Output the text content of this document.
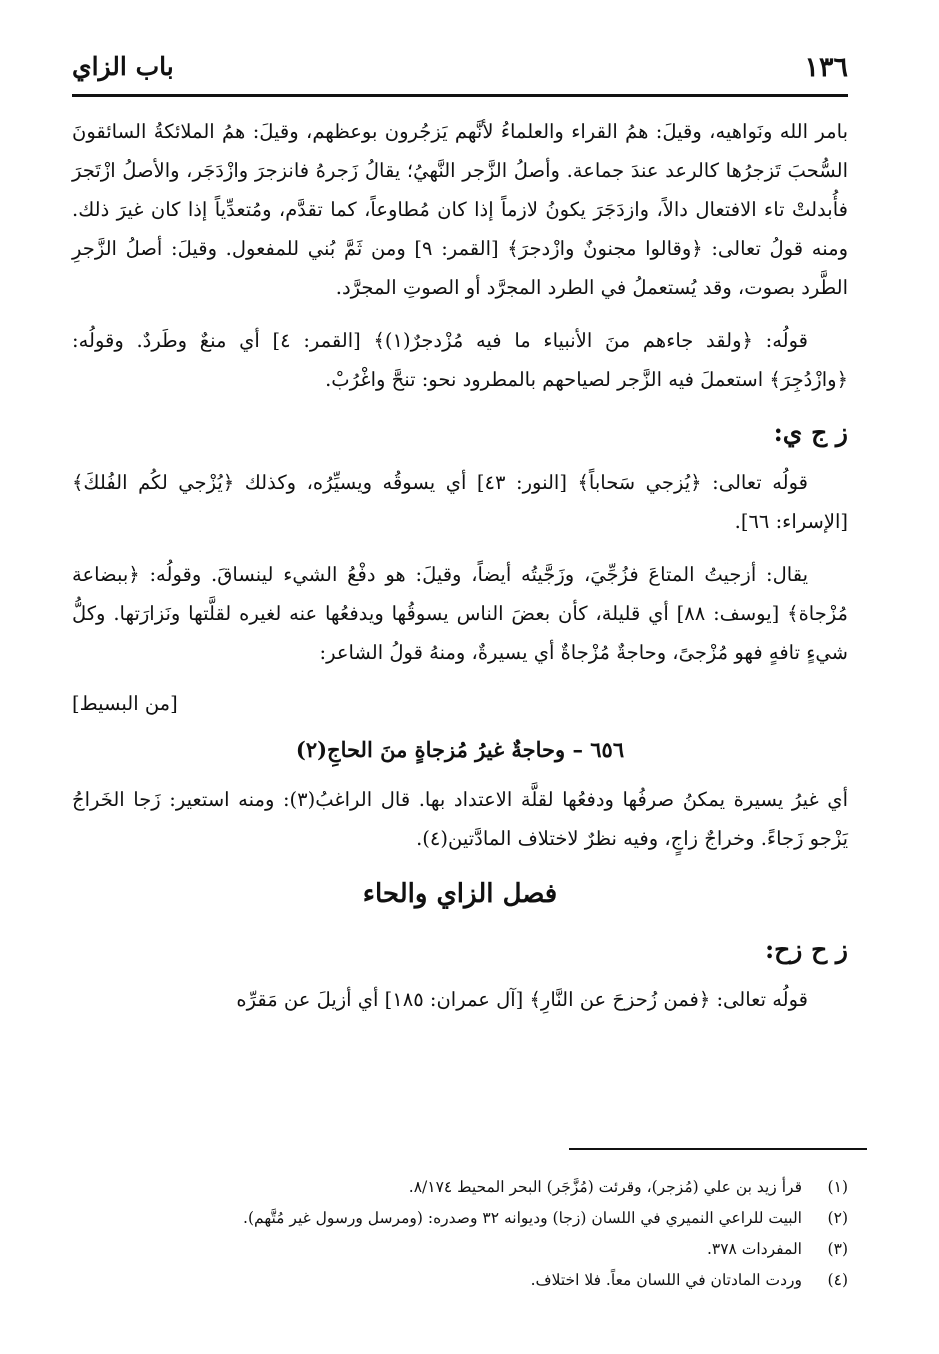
١٣٦
باب الزاي

بامر الله ونَواهيه، وقيلَ: همُ القراء والعلماءُ لأنَّهم يَزجُرون بوعظهم، وقيلَ: همُ الملائكةُ السائقونَ السُّحبَ تَزجرُها كالرعد عندَ جماعة. وأصلُ الزَّجر النَّهيُ؛ يقالُ زَجرهُ فانزجرَ وازْدَجَر، والأصلُ ازْتَجرَ فأُبدلتْ تاء الافتعال دالاً، وازدَجَرَ يكونُ لازماً إذا كان مُطاوعاً، كما تقدَّم، ومُتعدِّياً إذا كان غيرَ ذلك. ومنه قولُ تعالى: ﴿وقالوا مجنونٌ وازْدجرَ﴾ [القمر: ٩] ومن ثَمَّ بُني للمفعول. وقيلَ: أصلُ الزَّجرِ الطَّرد بصوت، وقد يُستعملُ في الطرد المجرَّد أو الصوتِ المجرَّد.

قولُه: ﴿ولقد جاءهم منَ الأنبياء ما فيه مُزْدجرٌ(١)﴾ [القمر: ٤] أي منعٌ وطَردٌ. وقولُه: ﴿وازْدُجِرَ﴾ استعملَ فيه الزَّجر لصياحهم بالمطرود نحو: تنحَّ واغْرُبْ.

ز ج ي:

قولُه تعالى: ﴿يُزجي سَحاباً﴾ [النور: ٤٣] أي يسوقُه ويسيِّرُه، وكذلك ﴿يُزْجي لكُم الفُلكَ﴾ [الإسراء: ٦٦].

يقال: أزجيتُ المتاعَ فزُجِّيَ، وزَجَّيتُه أيضاً، وقيلَ: هو دفْعُ الشيء لينساقَ. وقولُه: ﴿ببضاعة مُزْجاة﴾ [يوسف: ٨٨] أي قليلة، كأن بعضَ الناس يسوقُها ويدفعُها عنه لغيره لقلَّتها ونَزارَتها. وكلُّ شيءٍ تافهٍ فهو مُزْجىً، وحاجةٌ مُزْجاةٌ أي يسيرةٌ، ومنهُ قولُ الشاعر:

[من البسيط]
٦٥٦ – وحاجةٌ غيرُ مُزجاةٍ منَ الحاجِ(٢)

أي غيرُ يسيرة يمكنُ صرفُها ودفعُها لقلَّة الاعتداد بها. قال الراغبُ(٣): ومنه استعير: زَجا الخَراجُ يَزْجو زَجاءً. وخراجٌ زاجٍ، وفيه نظرٌ لاختلاف المادَّتين(٤).

فصل الزاي والحاء
ز ح زح:

قولُه تعالى: ﴿فمن زُحزحَ عن النَّارِ﴾ [آل عمران: ١٨٥] أي أزيلَ عن مَقرِّه

(١)قرأ زيد بن علي (مُزجر)، وقرئت (مُزَّجَر) البحر المحيط ٨/١٧٤.
(٢)البيت للراعي النميري في اللسان (زجا) وديوانه ٣٢ وصدره: (ومرسل ورسول غير مُتَّهم).
(٣)المفردات ٣٧٨.
(٤)وردت المادتان في اللسان معاً. فلا اختلاف.
